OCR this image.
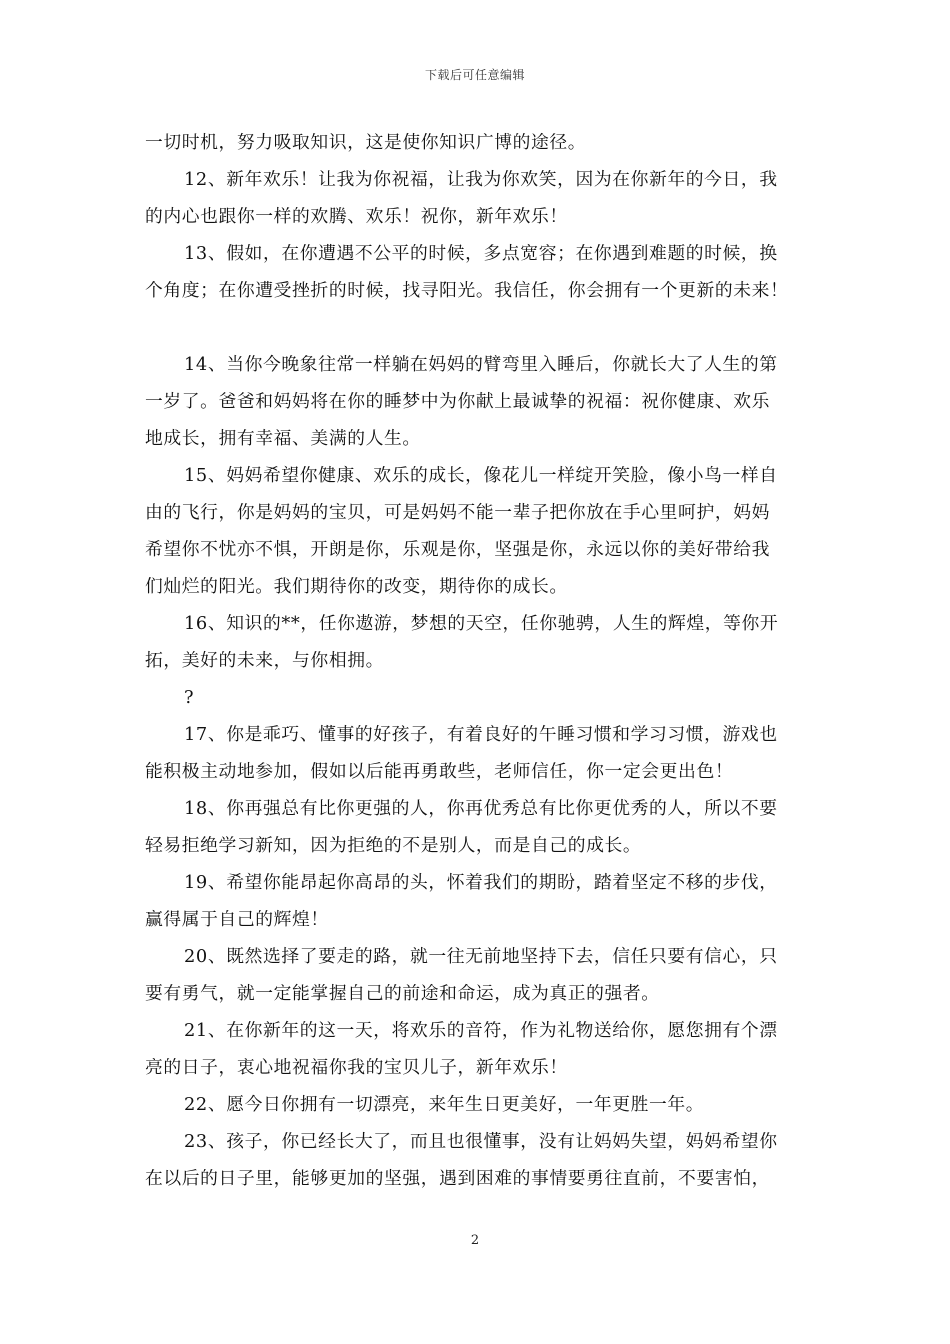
下载后可任意编辑
一切时机，努力吸取知识，这是使你知识广博的途径。
12、新年欢乐！让我为你祝福，让我为你欢笑，因为在你新年的今日，我
的内心也跟你一样的欢腾、欢乐！祝你，新年欢乐！
13、假如，在你遭遇不公平的时候，多点宽容；在你遇到难题的时候，换
个角度；在你遭受挫折的时候，找寻阳光。我信任，你会拥有一个更新的未来！
14、当你今晚象往常一样躺在妈妈的臂弯里入睡后，你就长大了人生的第
一岁了。爸爸和妈妈将在你的睡梦中为你献上最诚挚的祝福：祝你健康、欢乐
地成长，拥有幸福、美满的人生。
15、妈妈希望你健康、欢乐的成长，像花儿一样绽开笑脸，像小鸟一样自
由的飞行，你是妈妈的宝贝，可是妈妈不能一辈子把你放在手心里呵护，妈妈
希望你不忧亦不惧，开朗是你，乐观是你，坚强是你，永远以你的美好带给我
们灿烂的阳光。我们期待你的改变，期待你的成长。
16、知识的**，任你遨游，梦想的天空，任你驰骋，人生的辉煌，等你开
拓，美好的未来，与你相拥。
?
17、你是乖巧、懂事的好孩子，有着良好的午睡习惯和学习习惯，游戏也
能积极主动地参加，假如以后能再勇敢些，老师信任，你一定会更出色！
18、你再强总有比你更强的人，你再优秀总有比你更优秀的人，所以不要
轻易拒绝学习新知，因为拒绝的不是别人，而是自己的成长。
19、希望你能昂起你高昂的头，怀着我们的期盼，踏着坚定不移的步伐，
赢得属于自己的辉煌！
20、既然选择了要走的路，就一往无前地坚持下去，信任只要有信心，只
要有勇气，就一定能掌握自己的前途和命运，成为真正的强者。
21、在你新年的这一天，将欢乐的音符，作为礼物送给你，愿您拥有个漂
亮的日子，衷心地祝福你我的宝贝儿子，新年欢乐！
22、愿今日你拥有一切漂亮，来年生日更美好，一年更胜一年。
23、孩子，你已经长大了，而且也很懂事，没有让妈妈失望，妈妈希望你
在以后的日子里，能够更加的坚强，遇到困难的事情要勇往直前，不要害怕，
2
